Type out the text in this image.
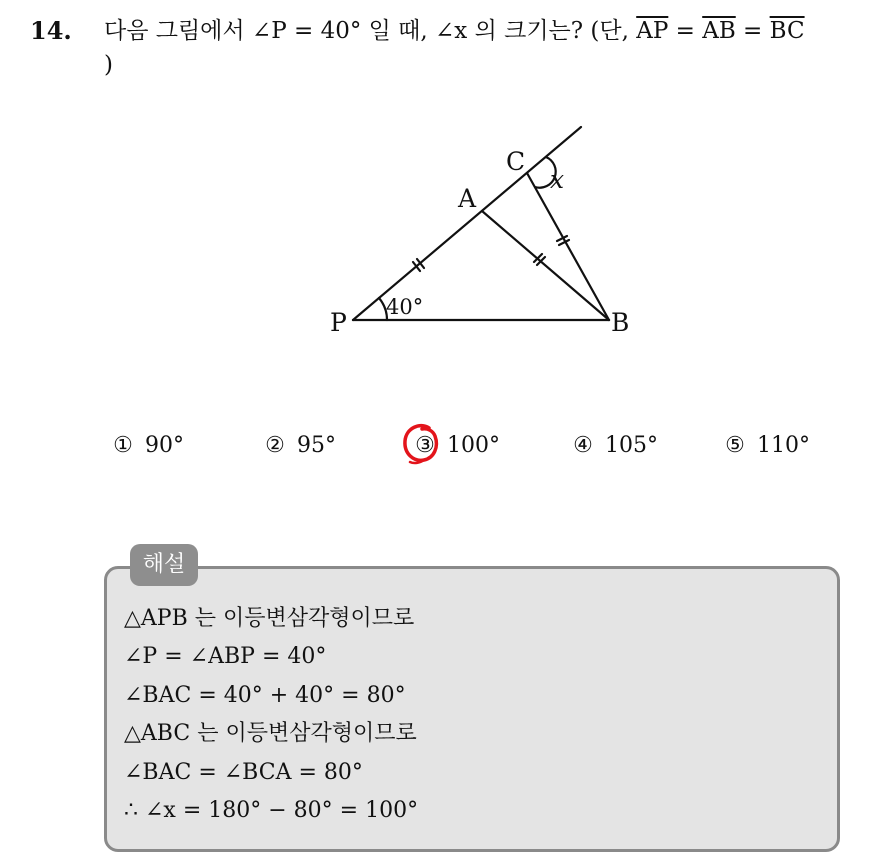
14. 다음 그림에서 ∠P = 40° 일 때, ∠x 의 크기는? (단, $\overline{AP} = \overline{AB} = \overline{BC}$
)
P
A
B
C
x
40°
① 90°	② 95°	③ 100°	④ 105°	⑤ 110°
해설
△APB 는 이등변삼각형이므로
∠P = ∠ABP = 40°
∠BAC = 40° + 40° = 80°
△ABC 는 이등변삼각형이므로
∠BAC = ∠BCA = 80°
∴ ∠x = 180° − 80° = 100°
